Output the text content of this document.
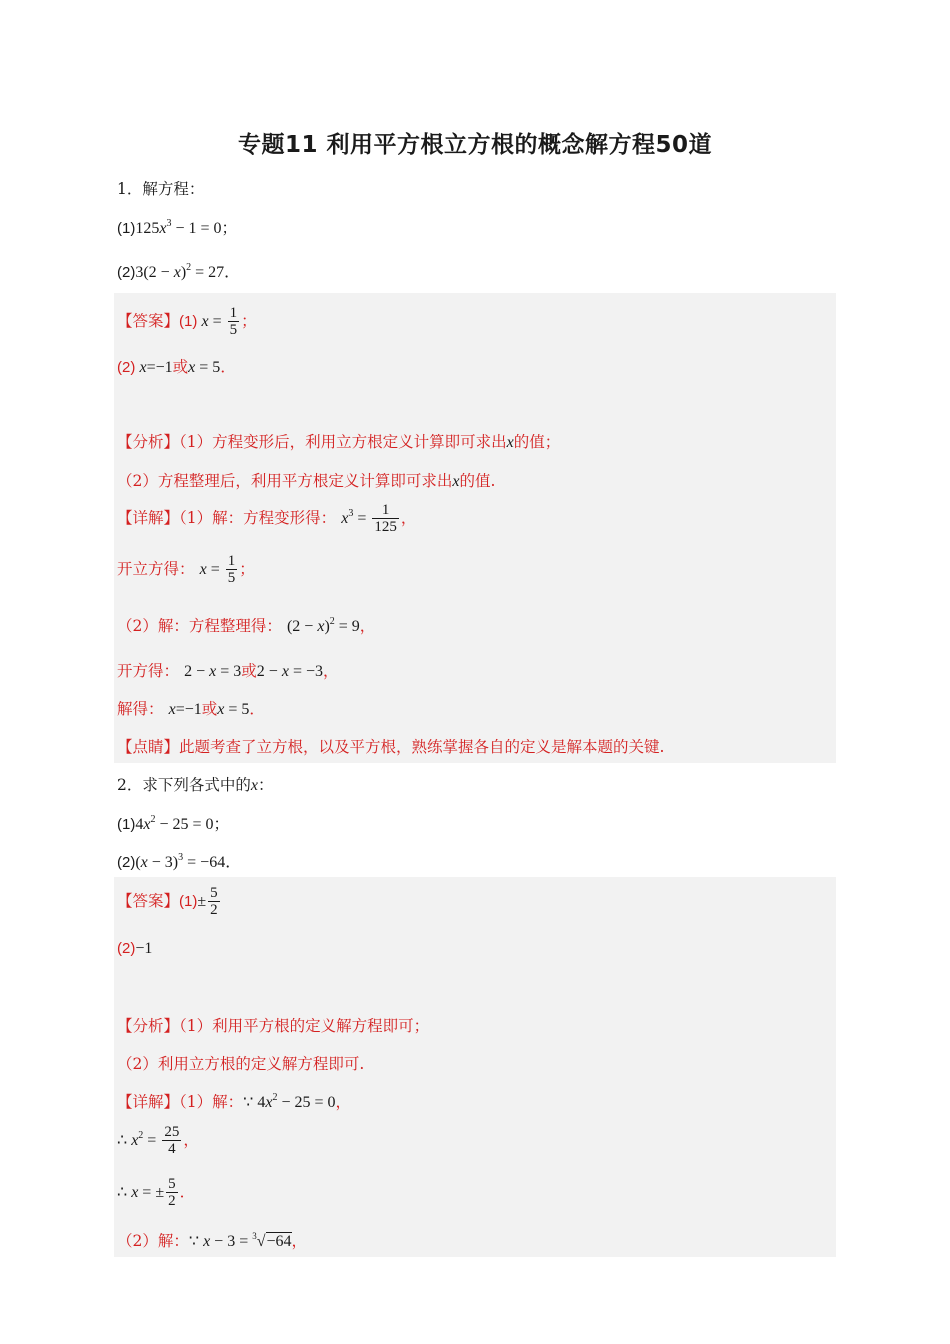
专题11 利用平方根立方根的概念解方程50道
1．解方程：
$(1)125x^3 - 1 = 0$；
$(2)3(2 - x)^2 = 27$．
【答案】(1) $x = \frac{1}{5}$ ；
(2) x=−1或x = 5．
【分析】（1）方程变形后，利用立方根定义计算即可求出x的值；
（2）方程整理后，利用平方根定义计算即可求出x的值.
【详解】（1）解：方程变形得： $x^3 = \frac{1}{125}$ ，
开立方得： $x = \frac{1}{5}$ ；
（2）解：方程整理得： $(2 - x)^2 = 9$，
开方得： 2 − x = 3或2 − x = −3，
解得： x=−1或x = 5．
【点睛】此题考查了立方根，以及平方根，熟练掌握各自的定义是解本题的关键.
2．求下列各式中的x：
$(1)4x^2 - 25 = 0$；
$(2)(x - 3)^3 = -64$．
【答案】$(1)\pm \frac{5}{2}$
(2)−1
【分析】（1）利用平方根的定义解方程即可；
（2）利用立方根的定义解方程即可.
【详解】（1）解：∵ $4x^2 - 25 = 0$，
∴ $x^2 = \frac{25}{4}$ ，
∴ x = ± $\frac{5}{2}$ ．
（2）解：∵ x − 3 = $^3$√−64，
